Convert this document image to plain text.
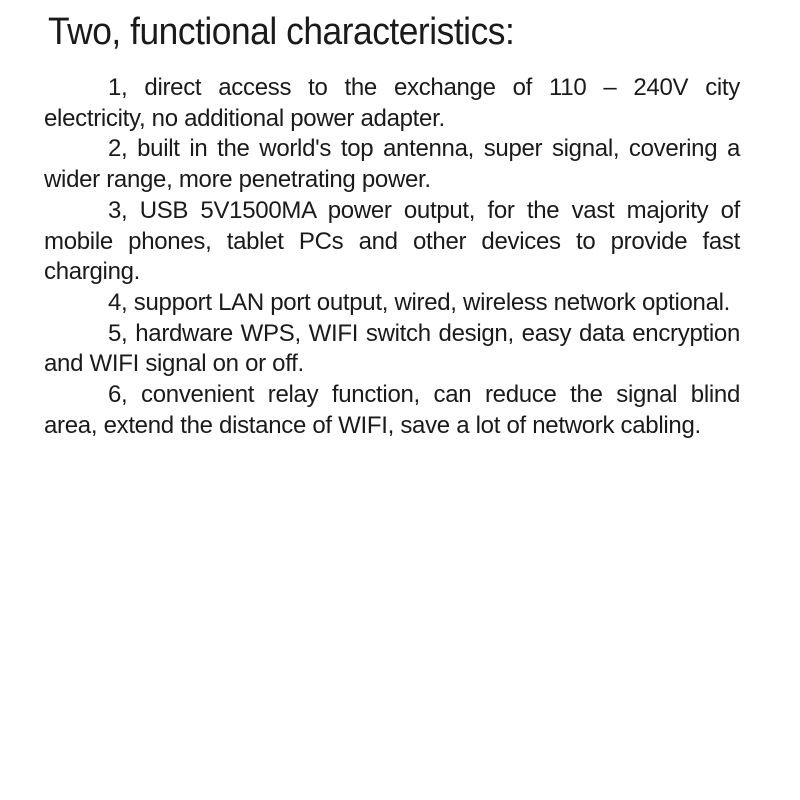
Two, functional characteristics:
1, direct access to the exchange of 110 – 240V city electricity, no additional power adapter.
2, built in the world's top antenna, super signal, covering a wider range, more penetrating power.
3, USB 5V1500MA power output, for the vast majority of mobile phones, tablet PCs and other devices to provide fast charging.
4, support LAN port output, wired, wireless network optional.
5, hardware WPS, WIFI switch design, easy data encryption and WIFI signal on or off.
6, convenient relay function, can reduce the signal blind area, extend the distance of WIFI, save a lot of network cabling.
